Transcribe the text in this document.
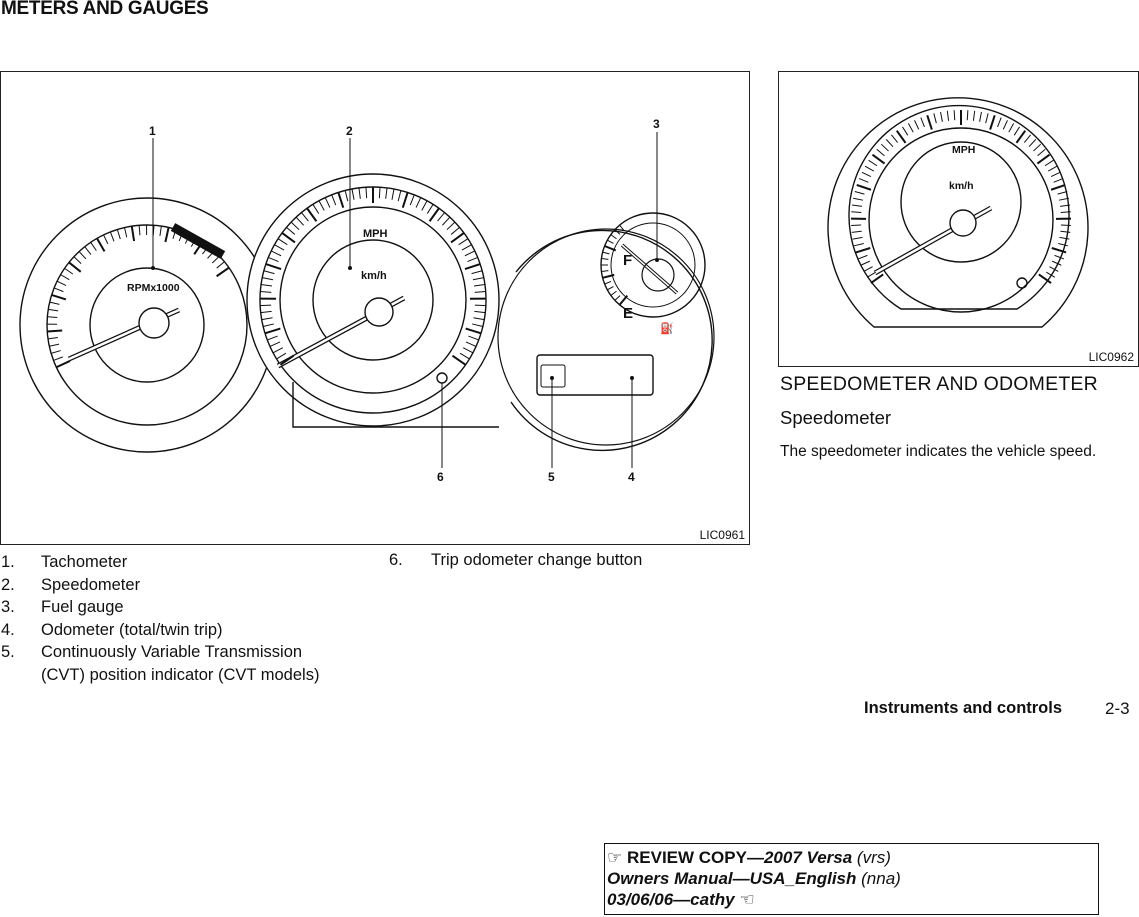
METERS AND GAUGES
1	2	3
4
5
6
RPMx1000
MPH
km/h
F
E
⛽
LIC0961
MPH
km/h
LIC0962
1.	Tachometer
2.	Speedometer
3.	Fuel gauge
4.	Odometer (total/twin trip)
5.	Continuously Variable Transmission
(CVT) position indicator (CVT models)
6.	Trip odometer change button
SPEEDOMETER AND ODOMETER
Speedometer
The speedometer indicates the vehicle speed.
Instruments and controls	2-3
☞ REVIEW COPY—2007 Versa (vrs)
Owners Manual—USA_English (nna)
03/06/06—cathy ☜
